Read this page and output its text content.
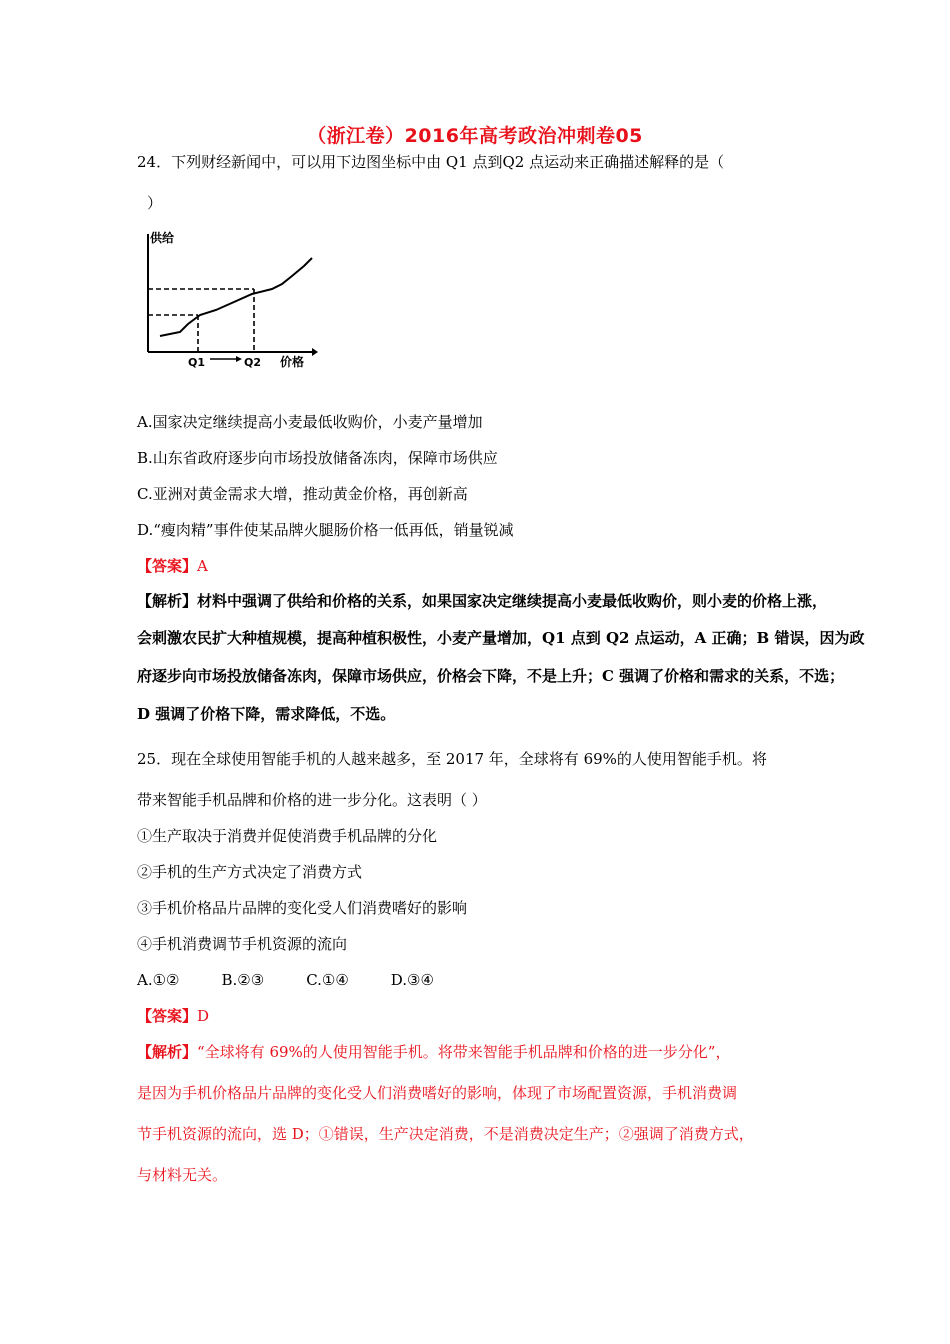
（浙江卷）2016年高考政治冲刺卷05
24．下列财经新闻中，可以用下边图坐标中由 Q1 点到Q2 点运动来正确描述解释的是（
）
供给
Q1	Q2 价格
A.国家决定继续提高小麦最低收购价，小麦产量增加
B.山东省政府逐步向市场投放储备冻肉，保障市场供应
C.亚洲对黄金需求大增，推动黄金价格，再创新高
D.“瘦肉精”事件使某品牌火腿肠价格一低再低，销量锐减
【答案】A
【解析】材料中强调了供给和价格的关系，如果国家决定继续提高小麦最低收购价，则小麦的价格上涨，
会刺激农民扩大种植规模，提高种植积极性，小麦产量增加，Q1 点到 Q2 点运动，A 正确；B 错误，因为政
府逐步向市场投放储备冻肉，保障市场供应，价格会下降，不是上升；C 强调了价格和需求的关系，不选；
D 强调了价格下降，需求降低，不选。
25．现在全球使用智能手机的人越来越多，至 2017 年，全球将有 69%的人使用智能手机。将
带来智能手机品牌和价格的进一步分化。这表明（ ）
①生产取决于消费并促使消费手机品牌的分化
②手机的生产方式决定了消费方式
③手机价格品片品牌的变化受人们消费嗜好的影响
④手机消费调节手机资源的流向
A.①②	B.②③	C.①④	D.③④
【答案】D
【解析】“全球将有 69%的人使用智能手机。将带来智能手机品牌和价格的进一步分化”，
是因为手机价格品片品牌的变化受人们消费嗜好的影响，体现了市场配置资源，手机消费调
节手机资源的流向，选 D；①错误，生产决定消费，不是消费决定生产；②强调了消费方式，
与材料无关。
